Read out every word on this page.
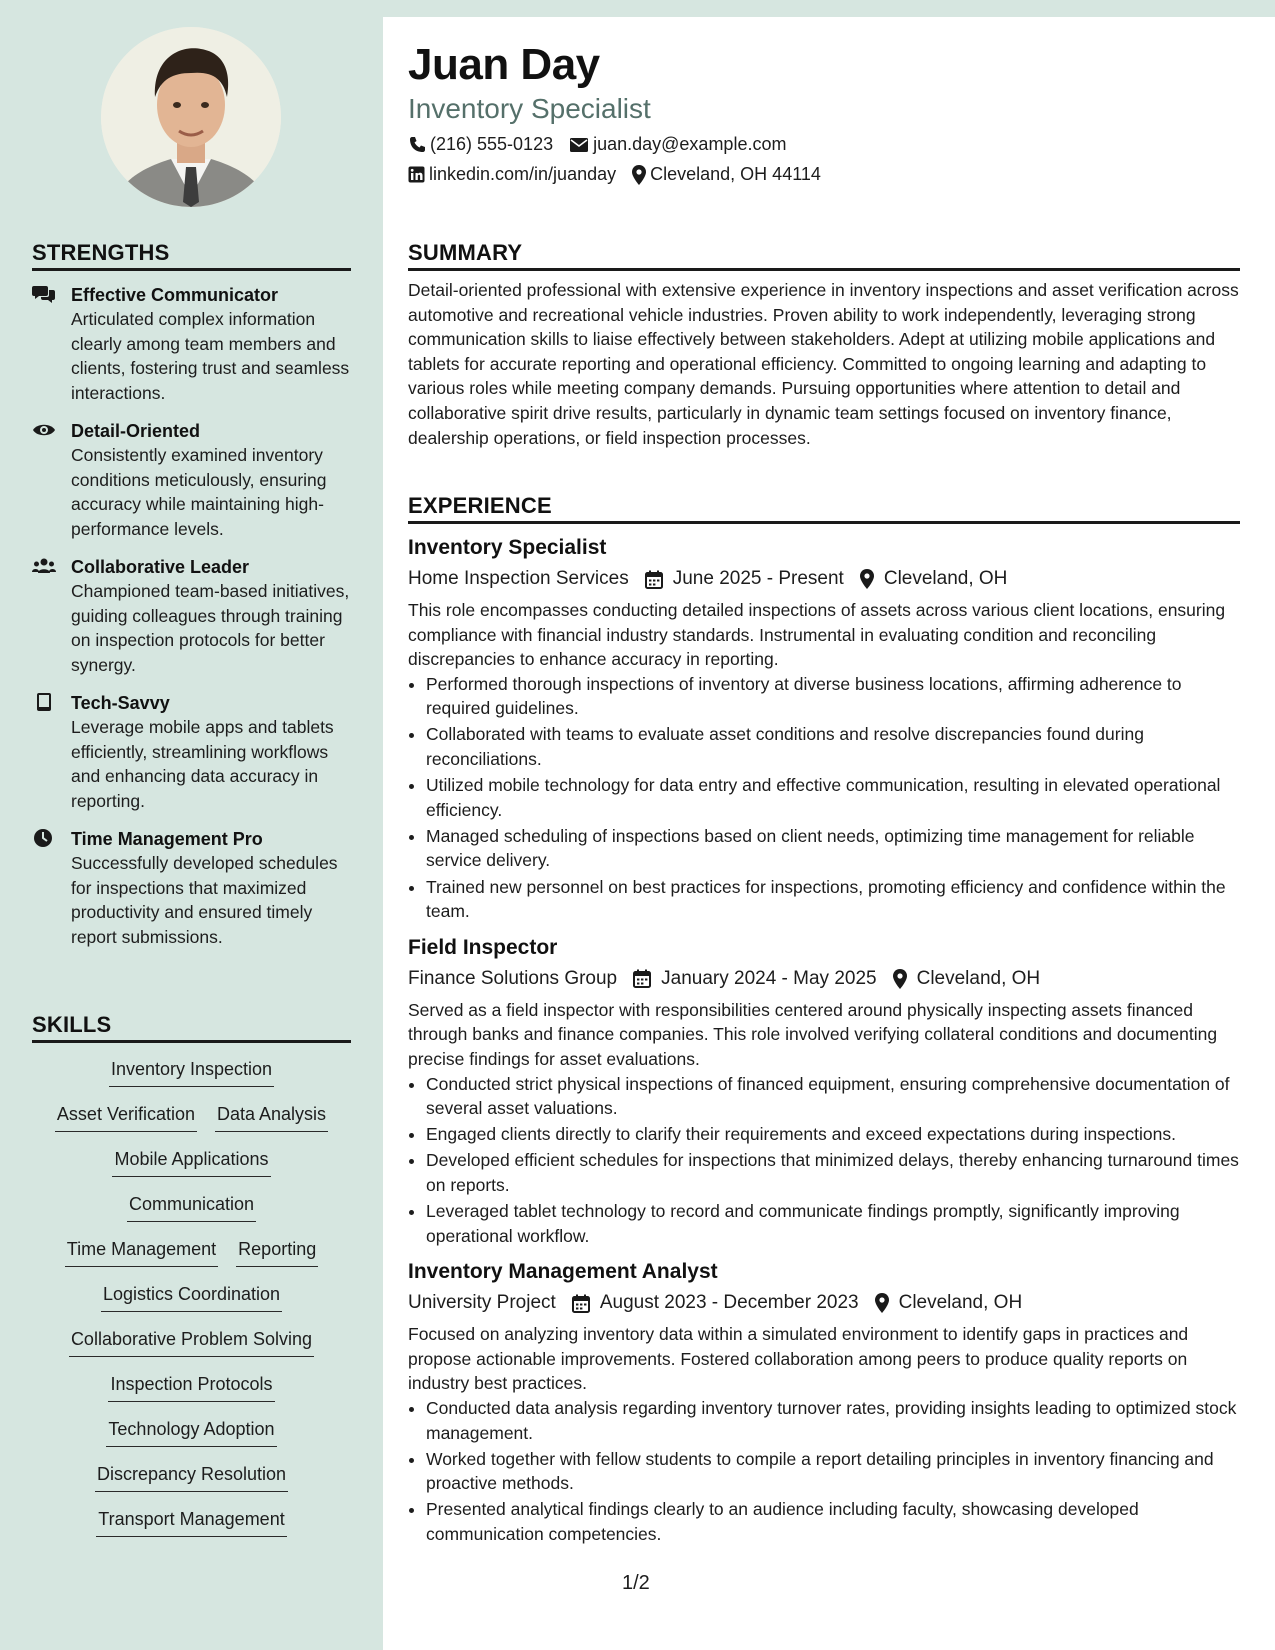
STRENGTHS
Effective Communicator
Articulated complex information clearly among team members and clients, fostering trust and seamless interactions.
Detail-Oriented
Consistently examined inventory conditions meticulously, ensuring accuracy while maintaining high-performance levels.
Collaborative Leader
Championed team-based initiatives, guiding colleagues through training on inspection protocols for better synergy.
Tech-Savvy
Leverage mobile apps and tablets efficiently, streamlining workflows and enhancing data accuracy in reporting.
Time Management Pro
Successfully developed schedules for inspections that maximized productivity and ensured timely report submissions.
SKILLS
Inventory Inspection
Asset Verification Data Analysis
Mobile Applications
Communication
Time Management Reporting
Logistics Coordination
Collaborative Problem Solving
Inspection Protocols
Technology Adoption
Discrepancy Resolution
Transport Management
Juan Day
Inventory Specialist
(216) 555-0123 juan.day@example.com
linkedin.com/in/juanday Cleveland, OH 44114
SUMMARY
Detail-oriented professional with extensive experience in inventory inspections and asset verification across automotive and recreational vehicle industries. Proven ability to work independently, leveraging strong communication skills to liaise effectively between stakeholders. Adept at utilizing mobile applications and tablets for accurate reporting and operational efficiency. Committed to ongoing learning and adapting to various roles while meeting company demands. Pursuing opportunities where attention to detail and collaborative spirit drive results, particularly in dynamic team settings focused on inventory finance, dealership operations, or field inspection processes.
EXPERIENCE
Inventory Specialist
Home Inspection Services June 2025 - Present Cleveland, OH
This role encompasses conducting detailed inspections of assets across various client locations, ensuring compliance with financial industry standards. Instrumental in evaluating condition and reconciling discrepancies to enhance accuracy in reporting.
• Performed thorough inspections of inventory at diverse business locations, affirming adherence to required guidelines.
• Collaborated with teams to evaluate asset conditions and resolve discrepancies found during reconciliations.
• Utilized mobile technology for data entry and effective communication, resulting in elevated operational efficiency.
• Managed scheduling of inspections based on client needs, optimizing time management for reliable service delivery.
• Trained new personnel on best practices for inspections, promoting efficiency and confidence within the team.
Field Inspector
Finance Solutions Group January 2024 - May 2025 Cleveland, OH
Served as a field inspector with responsibilities centered around physically inspecting assets financed through banks and finance companies. This role involved verifying collateral conditions and documenting precise findings for asset evaluations.
• Conducted strict physical inspections of financed equipment, ensuring comprehensive documentation of several asset valuations.
• Engaged clients directly to clarify their requirements and exceed expectations during inspections.
• Developed efficient schedules for inspections that minimized delays, thereby enhancing turnaround times on reports.
• Leveraged tablet technology to record and communicate findings promptly, significantly improving operational workflow.
Inventory Management Analyst
University Project August 2023 - December 2023 Cleveland, OH
Focused on analyzing inventory data within a simulated environment to identify gaps in practices and propose actionable improvements. Fostered collaboration among peers to produce quality reports on industry best practices.
• Conducted data analysis regarding inventory turnover rates, providing insights leading to optimized stock management.
• Worked together with fellow students to compile a report detailing principles in inventory financing and proactive methods.
• Presented analytical findings clearly to an audience including faculty, showcasing developed communication competencies.
1/2
